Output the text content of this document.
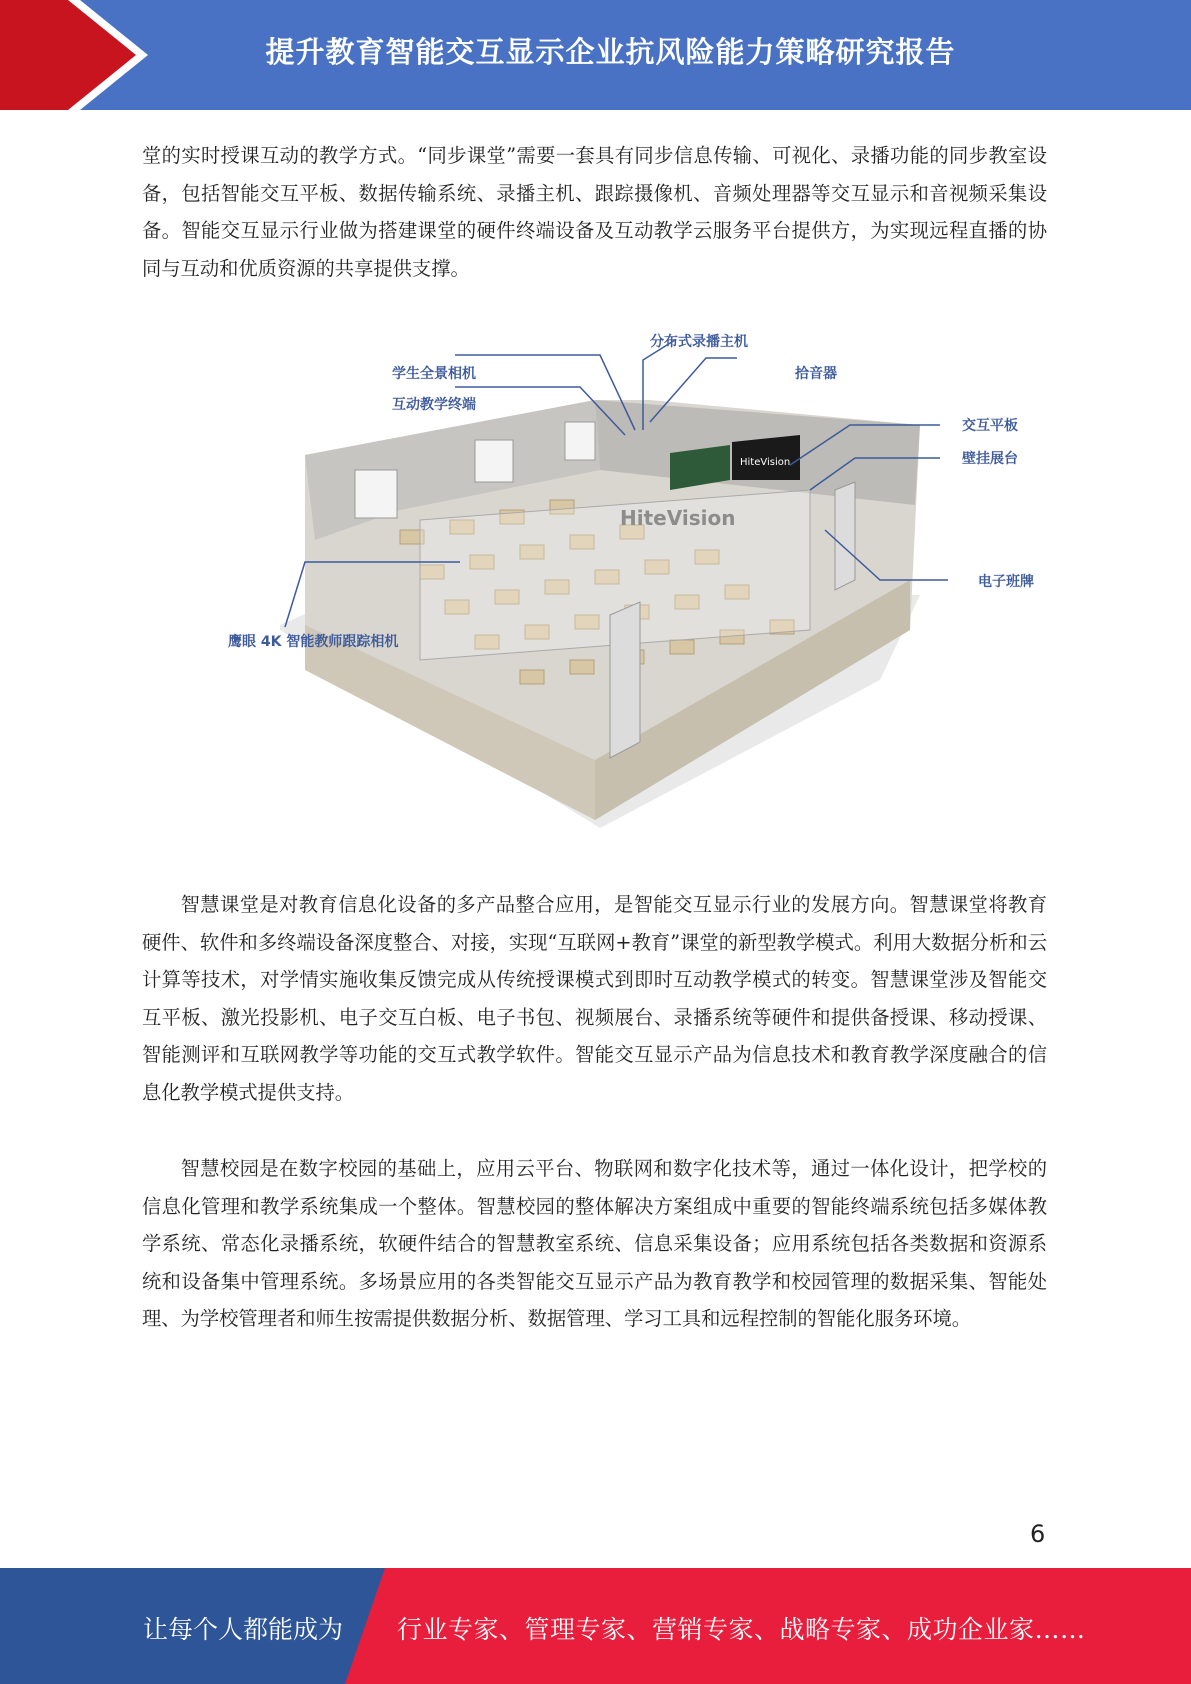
提升教育智能交互显示企业抗风险能力策略研究报告

堂的实时授课互动的教学方式。“同步课堂”需要一套具有同步信息传输、可视化、录播功能的同步教室设备，包括智能交互平板、数据传输系统、录播主机、跟踪摄像机、音频处理器等交互显示和音视频采集设备。智能交互显示行业做为搭建课堂的硬件终端设备及互动教学云服务平台提供方，为实现远程直播的协同与互动和优质资源的共享提供支撑。

HiteVision
HiteVision
分布式录播主机
学生全景相机
互动教学终端
拾音器
交互平板
壁挂展台
电子班牌
鹰眼 4K 智能教师跟踪相机

智慧课堂是对教育信息化设备的多产品整合应用，是智能交互显示行业的发展方向。智慧课堂将教育硬件、软件和多终端设备深度整合、对接，实现“互联网+教育”课堂的新型教学模式。利用大数据分析和云计算等技术，对学情实施收集反馈完成从传统授课模式到即时互动教学模式的转变。智慧课堂涉及智能交互平板、激光投影机、电子交互白板、电子书包、视频展台、录播系统等硬件和提供备授课、移动授课、智能测评和互联网教学等功能的交互式教学软件。智能交互显示产品为信息技术和教育教学深度融合的信息化教学模式提供支持。

智慧校园是在数字校园的基础上，应用云平台、物联网和数字化技术等，通过一体化设计，把学校的信息化管理和教学系统集成一个整体。智慧校园的整体解决方案组成中重要的智能终端系统包括多媒体教学系统、常态化录播系统，软硬件结合的智慧教室系统、信息采集设备；应用系统包括各类数据和资源系统和设备集中管理系统。多场景应用的各类智能交互显示产品为教育教学和校园管理的数据采集、智能处理、为学校管理者和师生按需提供数据分析、数据管理、学习工具和远程控制的智能化服务环境。

6
让每个人都能成为 行业专家、管理专家、营销专家、战略专家、成功企业家……
